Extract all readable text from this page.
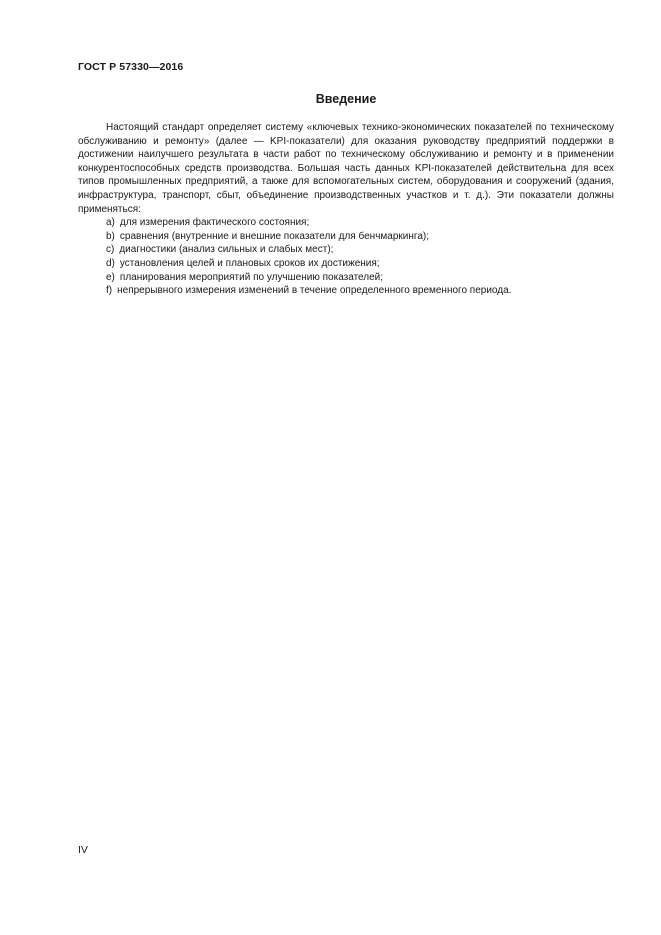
ГОСТ Р 57330—2016
Введение

Настоящий стандарт определяет систему «ключевых технико-экономических показателей по техническому обслуживанию и ремонту» (далее — KPI-показатели) для оказания руководству предприятий поддержки в достижении наилучшего результата в части работ по техническому обслуживанию и ремонту и в применении конкурентоспособных средств производства. Большая часть данных KPI-показателей действительна для всех типов промышленных предприятий, а также для вспомогательных систем, оборудования и сооружений (здания, инфраструктура, транспорт, сбыт, объединение производственных участков и т. д.). Эти показатели должны применяться:

a) для измерения фактического состояния;
b) сравнения (внутренние и внешние показатели для бенчмаркинга);
c) диагностики (анализ сильных и слабых мест);
d) установления целей и плановых сроков их достижения;
e) планирования мероприятий по улучшению показателей;
f) непрерывного измерения изменений в течение определенного временного периода.
IV
